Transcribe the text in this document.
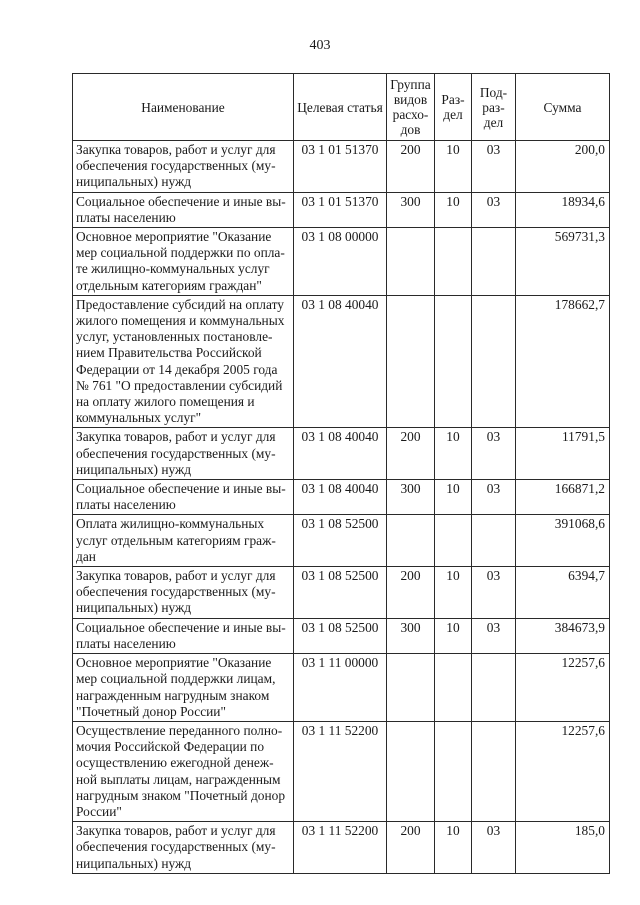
403
Наименование	Целевая статья	Группа видов расхо-дов	Раз-дел	Под-раз-дел	Сумма
Закупка товаров, работ и услуг для обеспечения государственных (му-ниципальных) нужд	03 1 01 51370	200	10	03	200,0
Социальное обеспечение и иные вы-платы населению	03 1 01 51370	300	10	03	18934,6
Основное мероприятие "Оказание мер социальной поддержки по опла-те жилищно-коммунальных услуг отдельным категориям граждан"	03 1 08 00000				569731,3
Предоставление субсидий на оплату жилого помещения и коммунальных услуг, установленных постановле-нием Правительства Российской Федерации от 14 декабря 2005 года № 761 "О предоставлении субсидий на оплату жилого помещения и коммунальных услуг"	03 1 08 40040				178662,7
Закупка товаров, работ и услуг для обеспечения государственных (му-ниципальных) нужд	03 1 08 40040	200	10	03	11791,5
Социальное обеспечение и иные вы-платы населению	03 1 08 40040	300	10	03	166871,2
Оплата жилищно-коммунальных услуг отдельным категориям граж-дан	03 1 08 52500				391068,6
Закупка товаров, работ и услуг для обеспечения государственных (му-ниципальных) нужд	03 1 08 52500	200	10	03	6394,7
Социальное обеспечение и иные вы-платы населению	03 1 08 52500	300	10	03	384673,9
Основное мероприятие "Оказание мер социальной поддержки лицам, награжденным нагрудным знаком "Почетный донор России"	03 1 11 00000				12257,6
Осуществление переданного полно-мочия Российской Федерации по осуществлению ежегодной денеж-ной выплаты лицам, награжденным нагрудным знаком "Почетный донор России"	03 1 11 52200				12257,6
Закупка товаров, работ и услуг для обеспечения государственных (му-ниципальных) нужд	03 1 11 52200	200	10	03	185,0
